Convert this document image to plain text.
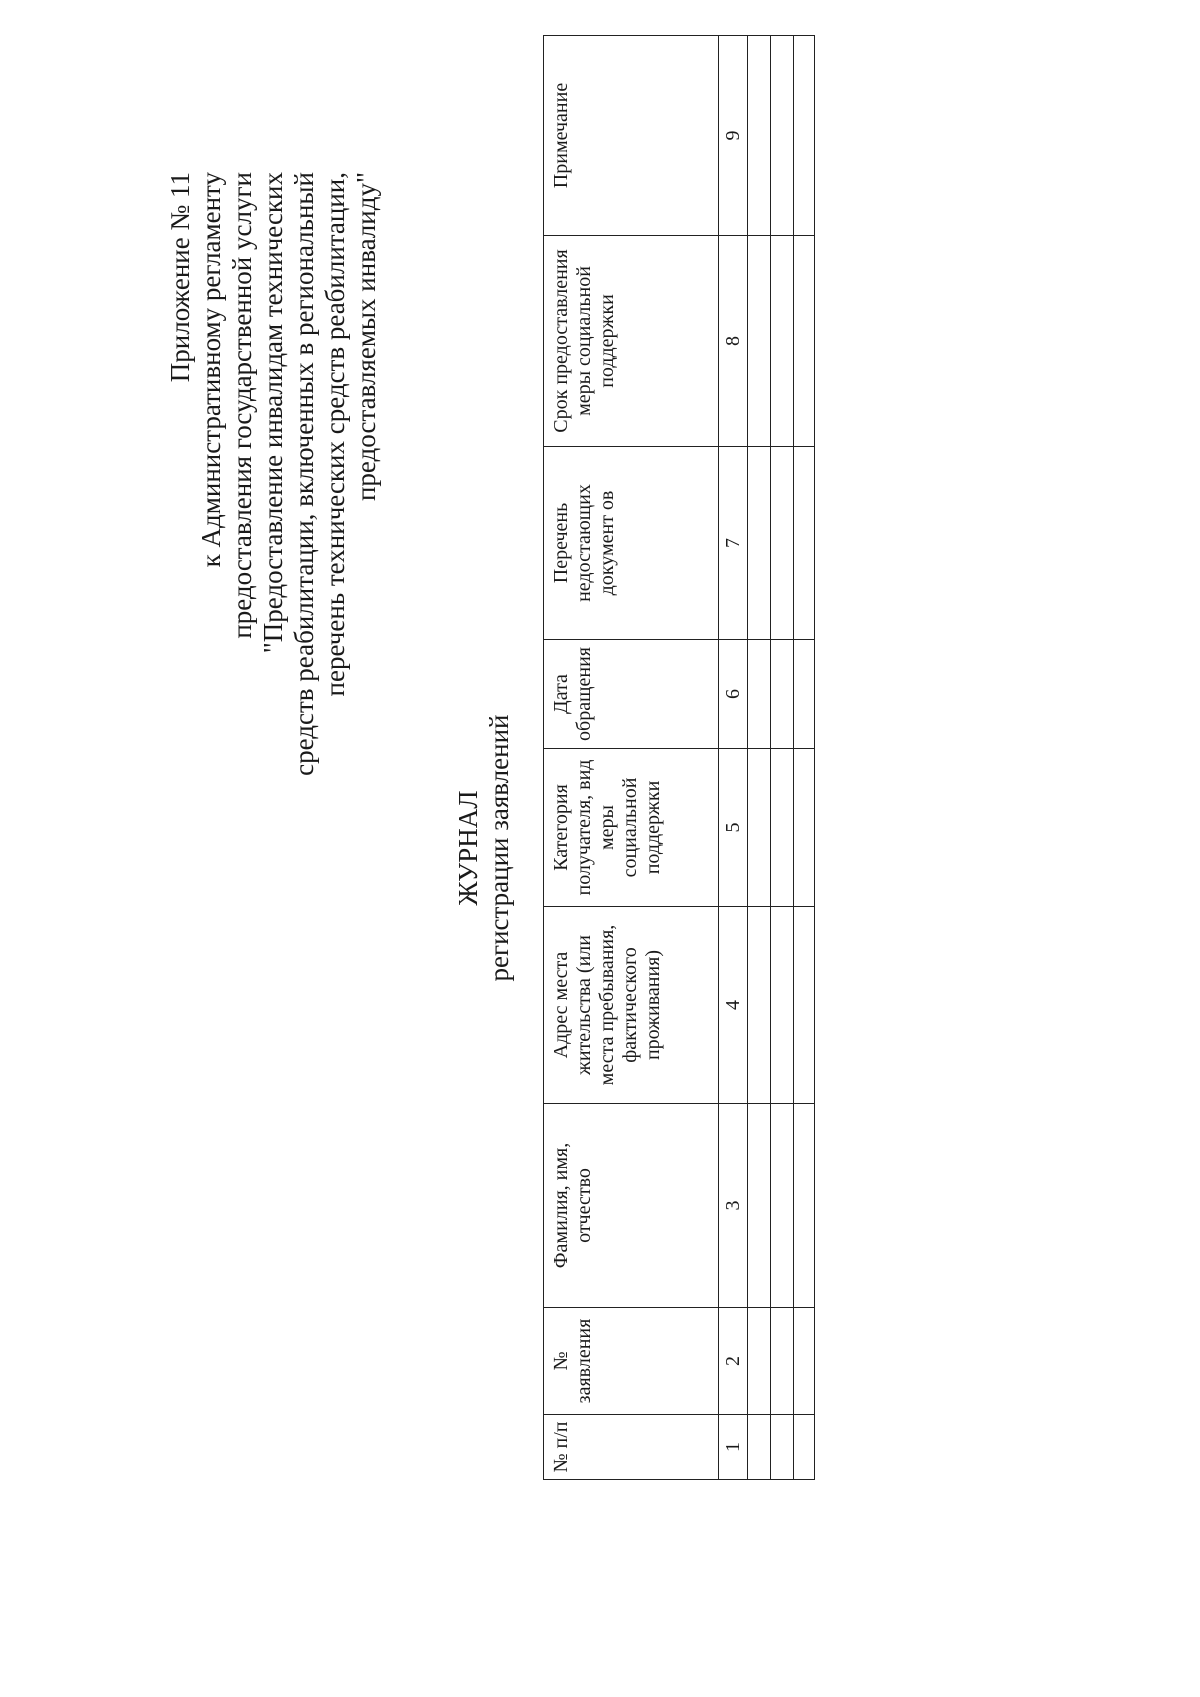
Приложение № 11 к Административному регламенту предоставления государственной услуги "Предоставление инвалидам технических средств реабилитации, включенных в региональный перечень технических средств реабилитации, предоставляемых инвалиду"
ЖУРНАЛ регистрации заявлений
№ п/п	№ заявления	Фамилия, имя, отчество	Адрес места жительства (или места пребывания, фактического проживания)	Категория получателя, вид меры социальной поддержки	Дата обращения	Перечень недостающих документ ов	Срок предоставления меры социальной поддержки	Примечание
1	2	3	4	5	6	7	8	9
